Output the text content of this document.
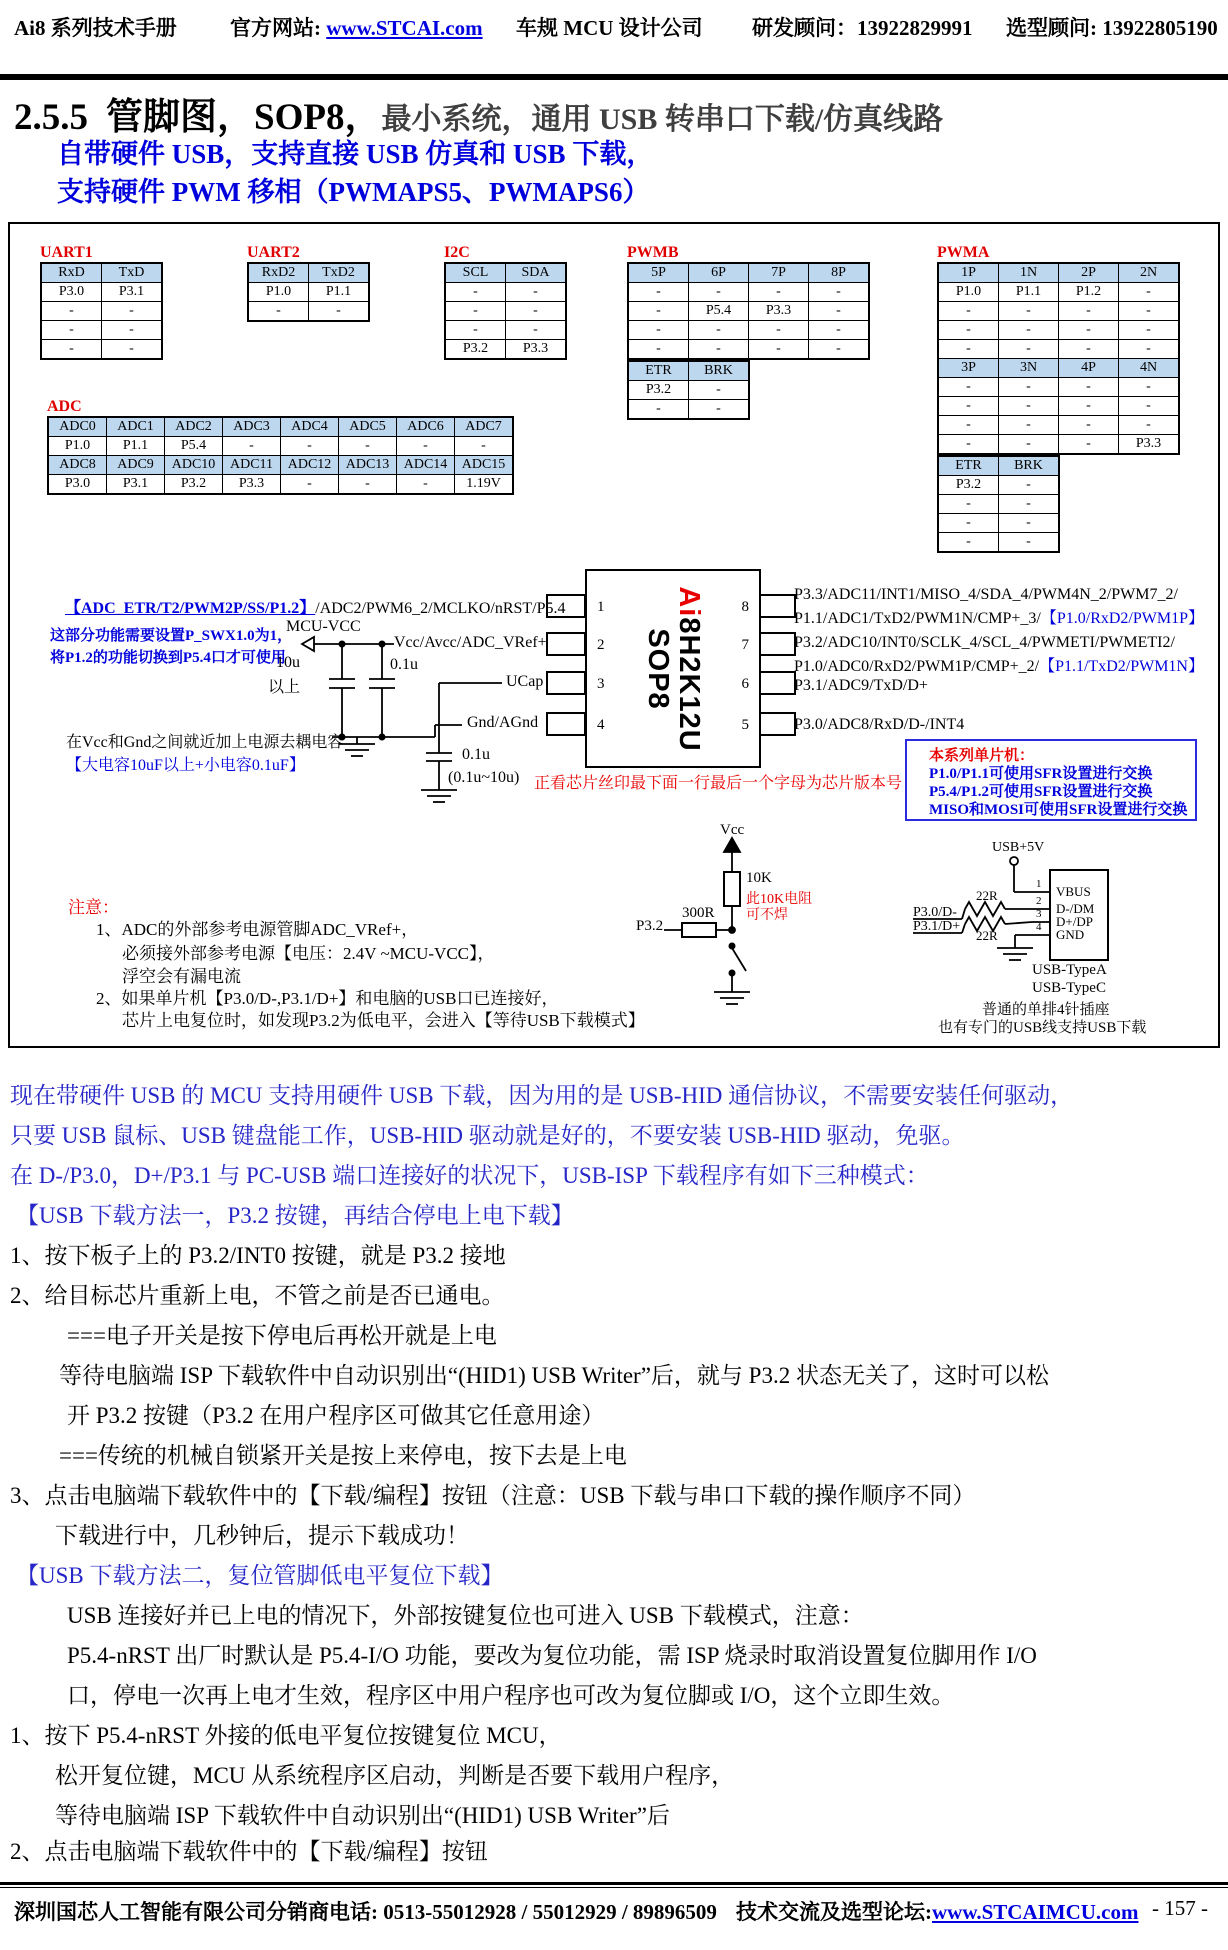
Ai8 系列技术手册	官方网站: www.STCAI.com 车规 MCU 设计公司 研发顾问：13922829991 选型顾问: 13922805190
2.5.5 管脚图，SOP8，最小系统，通用 USB 转串口下载/仿真线路
自带硬件 USB，支持直接 USB 仿真和 USB 下载，
支持硬件 PWM 移相（PWMAPS5、PWMAPS6）
UART1
RxD	TxD
P3.0	P3.1
-	-
-	-
-	-
UART2
RxD2	TxD2
P1.0	P1.1
-	-
I2C
SCL	SDA
-	-
-	-
-	-
P3.2	P3.3
PWMB
5P	6P	7P	8P
-	-	-	-
-	P5.4	P3.3	-
-	-	-	-
-	-	-	-
ETR	BRK
P3.2	-
-	-
PWMA
1P	1N	2P	2N
P1.0	P1.1	P1.2	-
-	-	-	-
-	-	-	-
-	-	-	-
3P	3N	4P	4N
-	-	-	-
-	-	-	-
-	-	-	-
-	-	-	P3.3
ETR	BRK
P3.2	-
-	-
-	-
-	-
ADC
ADC0	ADC1	ADC2	ADC3	ADC4	ADC5	ADC6	ADC7
P1.0	P1.1	P5.4	-	-	-	-	-
ADC8	ADC9	ADC10	ADC11	ADC12	ADC13	ADC14	ADC15
P3.0	P3.1	P3.2	P3.3	-	-	-	1.19V
Ai8H2K12U
SOP8
1
2
3
4
8
7
6
5
【ADC_ETR/T2/PWM2P/SS/P1.2】/ADC2/PWM6_2/MCLKO/nRST/P5.4
这部分功能需要设置P_SWX1.0为1，
将P1.2的功能切换到P5.4口才可使用
MCU-VCC
Vcc/Avcc/ADC_VRef+
UCap
Gnd/AGnd
10u
以上
0.1u
0.1u
(0.1u~10u)
在Vcc和Gnd之间就近加上电源去耦电容
【大电容10uF以上+小电容0.1uF】
正看芯片丝印最下面一行最后一个字母为芯片版本号
P3.3/ADC11/INT1/MISO_4/SDA_4/PWM4N_2/PWM7_2/
P1.1/ADC1/TxD2/PWM1N/CMP+_3/【P1.0/RxD2/PWM1P】
P3.2/ADC10/INT0/SCLK_4/SCL_4/PWMETI/PWMETI2/
P1.0/ADC0/RxD2/PWM1P/CMP+_2/【P1.1/TxD2/PWM1N】
P3.1/ADC9/TxD/D+
P3.0/ADC8/RxD/D-/INT4
本系列单片机：
P1.0/P1.1可使用SFR设置进行交换
P5.4/P1.2可使用SFR设置进行交换
MISO和MOSI可使用SFR设置进行交换
Vcc
10K
此10K电阻
可不焊
300R
P3.2
USB+5V
P3.0/D-
P3.1/D+
22R
22R
1
2
3
4
VBUS
D-/DM
D+/DP
GND
USB-TypeA
USB-TypeC
普通的单排4针插座
也有专门的USB线支持USB下载
注意：
1、ADC的外部参考电源管脚ADC_VRef+，
必须接外部参考电源【电压：2.4V ~MCU-VCC】，
浮空会有漏电流
2、如果单片机【P3.0/D-,P3.1/D+】和电脑的USB口已连接好，
芯片上电复位时，如发现P3.2为低电平，会进入【等待USB下载模式】
现在带硬件 USB 的 MCU 支持用硬件 USB 下载，因为用的是 USB-HID 通信协议，不需要安装任何驱动，
只要 USB 鼠标、USB 键盘能工作，USB-HID 驱动就是好的，不要安装 USB-HID 驱动，免驱。
在 D-/P3.0，D+/P3.1 与 PC-USB 端口连接好的状况下，USB-ISP 下载程序有如下三种模式：
【USB 下载方法一，P3.2 按键，再结合停电上电下载】
1、按下板子上的 P3.2/INT0 按键，就是 P3.2 接地
2、给目标芯片重新上电，不管之前是否已通电。
===电子开关是按下停电后再松开就是上电
等待电脑端 ISP 下载软件中自动识别出“(HID1) USB Writer”后，就与 P3.2 状态无关了，这时可以松
开 P3.2 按键（P3.2 在用户程序区可做其它任意用途）
===传统的机械自锁紧开关是按上来停电，按下去是上电
3、点击电脑端下载软件中的【下载/编程】按钮（注意：USB 下载与串口下载的操作顺序不同）
下载进行中，几秒钟后，提示下载成功！
【USB 下载方法二，复位管脚低电平复位下载】
USB 连接好并已上电的情况下，外部按键复位也可进入 USB 下载模式，注意：
P5.4-nRST 出厂时默认是 P5.4-I/O 功能，要改为复位功能，需 ISP 烧录时取消设置复位脚用作 I/O
口，停电一次再上电才生效，程序区中用户程序也可改为复位脚或 I/O，这个立即生效。
1、按下 P5.4-nRST 外接的低电平复位按键复位 MCU，
松开复位键，MCU 从系统程序区启动，判断是否要下载用户程序，
等待电脑端 ISP 下载软件中自动识别出“(HID1) USB Writer”后
2、点击电脑端下载软件中的【下载/编程】按钮
深圳国芯人工智能有限公司 分销商电话: 0513-55012928 / 55012929 / 89896509 技术交流及选型论坛:www.STCAIMCU.com - 157 -
